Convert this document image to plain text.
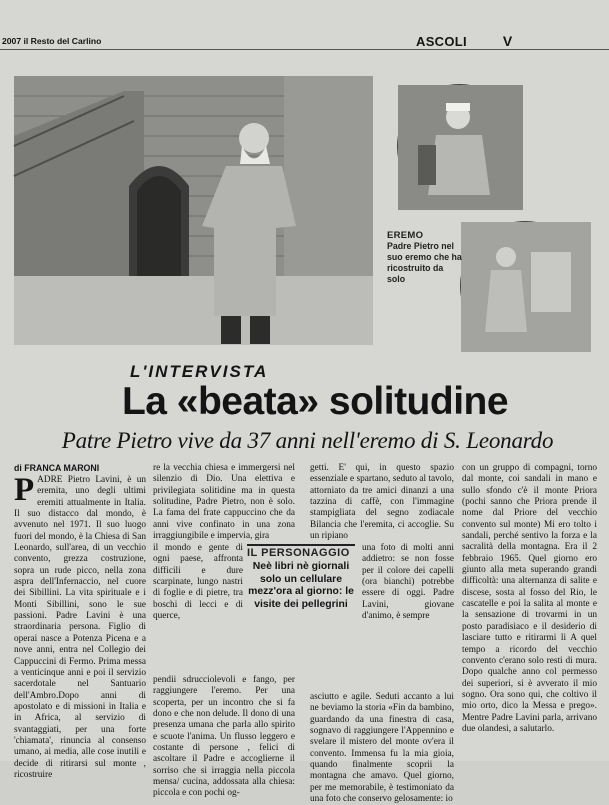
2007 il Resto del Carlino	ASCOLI	V
EREMO
Padre Pietro nel suo eremo che ha ricostruito da solo
L'INTERVISTA
La «beata» solitudine
Patre Pietro vive da 37 anni nell'eremo di S. Leonardo
di FRANCA MARONI
PADRE Pietro Lavini, è un eremita, uno degli ultimi eremiti attualmente in Italia. Il suo distacco dal mondo, è avvenuto nel 1971. Il suo luogo fuori del mondo, è la Chiesa di San Leonardo, sull'area, di un vecchio convento, grezza costruzione, sopra un rude picco, nella zona aspra dell'Infernaccio, nel cuore dei Sibillini. La vita spirituale e i Monti Sibillini, sono le sue passioni. Padre Lavini è una straordinaria persona. Figlio di operai nasce a Potenza Picena e a nove anni, entra nel Collegio dei Cappuccini di Fermo. Prima messa a venticinque anni e poi il servizio sacerdotale nel Santuario dell'Ambro.Dopo anni di apostolato e di missioni in Italia e in Africa, al servizio di svantaggiati, per una forte 'chiamata', rinuncia al consenso umano, ai media, alle cose inutili e decide di ritirarsi sul monte , ricostruire
re la vecchia chiesa e immergersi nel silenzio di Dio. Una elettiva e privilegiata solitidine ma in questa solitudine, Padre Pietro, non è solo. La fama del frate cappuccino che da anni vive confinato in una zona irraggiungibile e impervia, gira
il mondo e gente di ogni paese, affronta difficili e dure scarpinate, lungo nastri di foglie e di pietre, tra boschi di lecci e di querce,
pendii sdrucciolevoli e fango, per raggiungere l'eremo. Per una scoperta, per un incontro che si fa dono e che non delude. Il dono di una presenza umana che parla allo spirito e scuote l'anima. Un flusso leggero e costante di persone , felici di ascoltare il Padre e accoglierne il sorriso che si irraggia nella piccola mensa/ cucina, addossata alla chiesa: piccola e con pochi og-
getti. E' qui, in questo spazio essenziale e spartano, seduto al tavolo, attorniato da tre amici dinanzi a una tazzina di caffè, con l'immagine stampigliata del segno zodiacale Bilancia che l'eremita, ci accoglie. Su un ripiano
una foto di molti anni addietro: se non fosse per il colore dei capelli (ora bianchi) potrebbe essere di oggi. Padre Lavini, giovane d'animo, è sempre
asciutto e agile. Seduti accanto a lui ne beviamo la storia «Fin da bambino, guardando da una finestra di casa, sognavo di raggiungere l'Appennino e svelare il mistero del monte ov'era il convento. Immensa fu la mia gioia, quando finalmente scoprii la montagna che amavo. Quel giorno, per me memorabile, è testimoniato da una foto che conservo gelosamente: io
IL PERSONAGGIO
Neè libri nè giornali solo un cellulare mezz'ora al giorno: le visite dei pellegrini
con un gruppo di compagni, torno dal monte, coi sandali in mano e sullo sfondo c'è il monte Priora (pochi sanno che Priora prende il nome dal Priore del vecchio convento sul monte) Mi ero tolto i sandali, perché sentivo la forza e la sacralità della montagna. Era il 2 febbraio 1965. Quel giorno ero giunto alla meta superando grandi difficoltà: una alternanza di salite e discese, sosta al fosso del Rio, le cascatelle e poi la salita al monte e la sensazione di trovarmi in un posto paradisiaco e il desiderio di lasciare tutto e ritirarmi lì A quel tempo a ricordo del vecchio convento c'erano solo resti di mura. Dopo qualche anno col permesso dei superiori, si è avverato il mio sogno. Ora sono qui, che coltivo il mio orto, dico la Messa e prego». Mentre Padre Lavini parla, arrivano due olandesi, a salutarlo.
